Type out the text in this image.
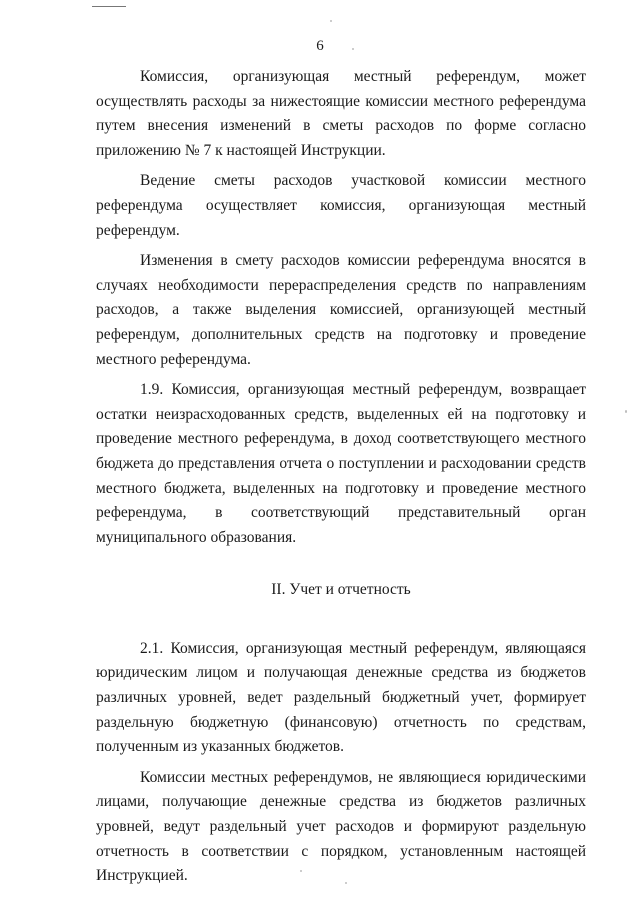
6

Комиссия, организующая местный референдум, может осуществлять расходы за нижестоящие комиссии местного референдума путем внесения изменений в сметы расходов по форме согласно приложению № 7 к настоящей Инструкции.

Ведение сметы расходов участковой комиссии местного референдума осуществляет комиссия, организующая местный референдум.

Изменения в смету расходов комиссии референдума вносятся в случаях необходимости перераспределения средств по направлениям расходов, а также выделения комиссией, организующей местный референдум, дополнительных средств на подготовку и проведение местного референдума.

1.9. Комиссия, организующая местный референдум, возвращает остатки неизрасходованных средств, выделенных ей на подготовку и проведение местного референдума, в доход соответствующего местного бюджета до представления отчета о поступлении и расходовании средств местного бюджета, выделенных на подготовку и проведение местного референдума, в соответствующий представительный орган муниципального образования.

II. Учет и отчетность

2.1. Комиссия, организующая местный референдум, являющаяся юридическим лицом и получающая денежные средства из бюджетов различных уровней, ведет раздельный бюджетный учет, формирует раздельную бюджетную (финансовую) отчетность по средствам, полученным из указанных бюджетов.

Комиссии местных референдумов, не являющиеся юридическими лицами, получающие денежные средства из бюджетов различных уровней, ведут раздельный учет расходов и формируют раздельную отчетность в соответствии с порядком, установленным настоящей Инструкцией.
